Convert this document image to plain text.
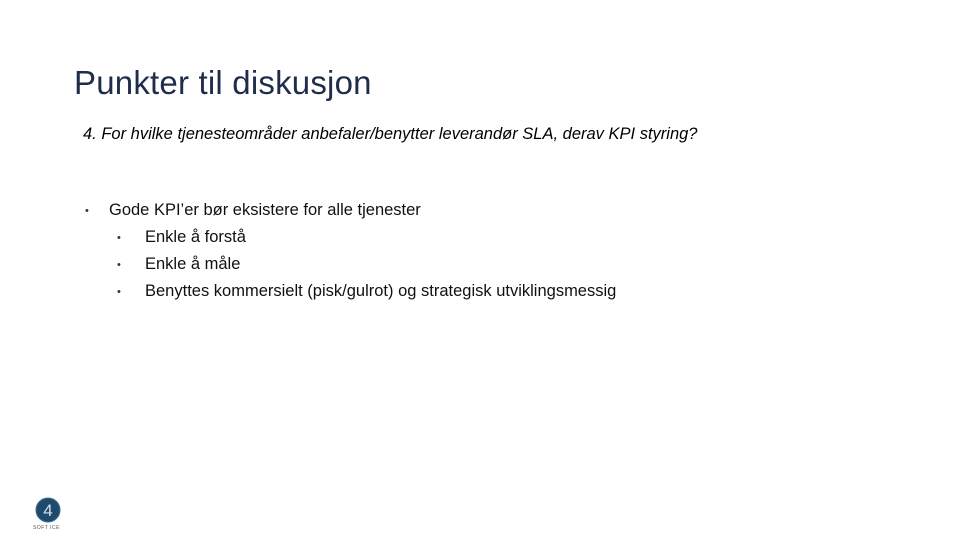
Punkter til diskusjon
4. For hvilke tjenesteområder anbefaler/benytter leverandør SLA, derav KPI styring?
• Gode KPI’er bør eksistere for alle tjenester
• Enkle å forstå
• Enkle å måle
• Benyttes kommersielt (pisk/gulrot) og strategisk utviklingsmessig
4
SOFT ICE
